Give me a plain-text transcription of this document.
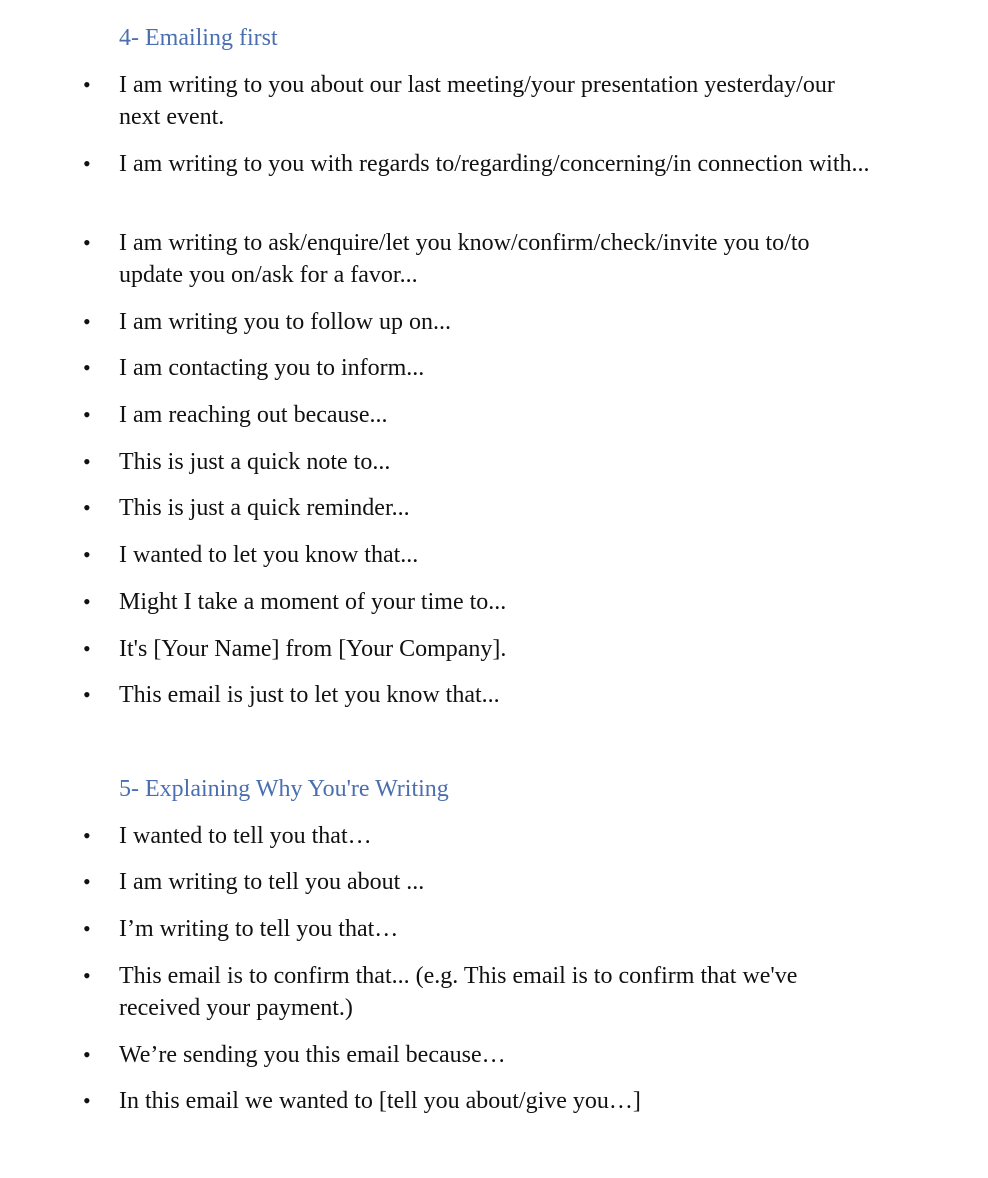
4- Emailing first
• I am writing to you about our last meeting/your presentation yesterday/our next event.
• I am writing to you with regards to/regarding/concerning/in connection with...
• I am writing to ask/enquire/let you know/confirm/check/invite you to/to update you on/ask for a favor...
• I am writing you to follow up on...
• I am contacting you to inform...
• I am reaching out because...
• This is just a quick note to...
• This is just a quick reminder...
• I wanted to let you know that...
• Might I take a moment of your time to...
• It's [Your Name] from [Your Company].
• This email is just to let you know that...
5- Explaining Why You're Writing
• I wanted to tell you that…
• I am writing to tell you about ...
• I’m writing to tell you that…
• This email is to confirm that... (e.g. This email is to confirm that we've received your payment.)
• We’re sending you this email because…
• In this email we wanted to [tell you about/give you…]
